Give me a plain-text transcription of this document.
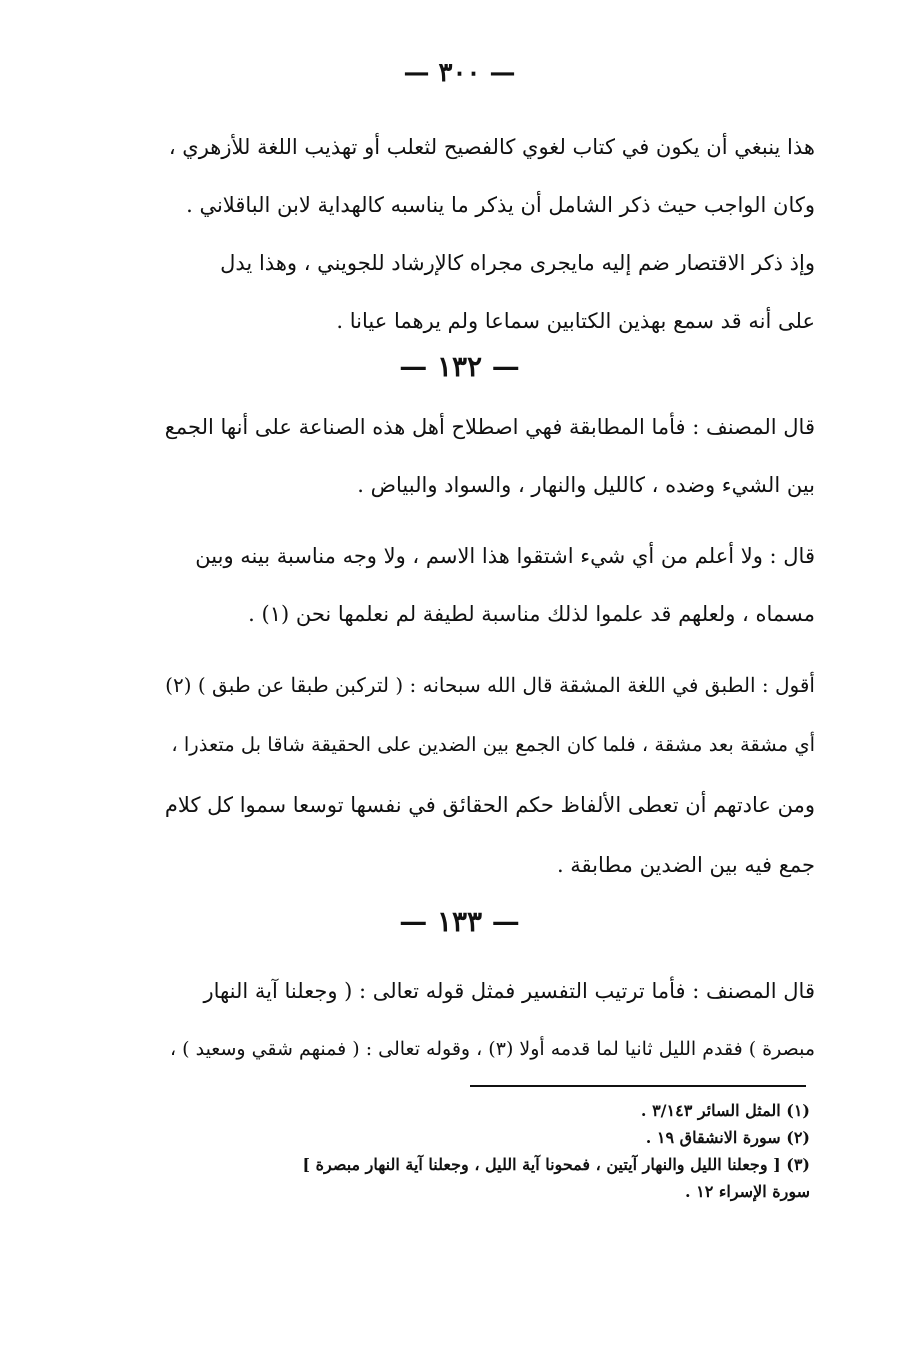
— ٣٠٠ —
هذا ينبغي أن يكون في كتاب لغوي كالفصيح لثعلب أو تهذيب اللغة للأزهري ،
وكان الواجب حيث ذكر الشامل أن يذكر ما يناسبه كالهداية لابن الباقلاني .
وإذ ذكر الاقتصار ضم إليه مايجرى مجراه كالإرشاد للجويني ، وهذا يدل
على أنه قد سمع بهذين الكتابين سماعا ولم يرهما عيانا .
— ١٣٢ —
قال المصنف : فأما المطابقة فهي اصطلاح أهل هذه الصناعة على أنها الجمع
بين الشيء وضده ، كالليل والنهار ، والسواد والبياض .
قال : ولا أعلم من أي شيء اشتقوا هذا الاسم ، ولا وجه مناسبة بينه وبين
مسماه ، ولعلهم قد علموا لذلك مناسبة لطيفة لم نعلمها نحن (١) .
أقول : الطبق في اللغة المشقة قال الله سبحانه : ( لتركبن طبقا عن طبق ) (٢)
أي مشقة بعد مشقة ، فلما كان الجمع بين الضدين على الحقيقة شاقا بل متعذرا ،
ومن عادتهم أن تعطى الألفاظ حكم الحقائق في نفسها توسعا سموا كل كلام
جمع فيه بين الضدين مطابقة .
— ١٣٣ —
قال المصنف : فأما ترتيب التفسير فمثل قوله تعالى : ( وجعلنا آية النهار
مبصرة ) فقدم الليل ثانيا لما قدمه أولا (٣) ، وقوله تعالى : ( فمنهم شقي وسعيد ) ،
(١) المثل السائر ٣/١٤٣ .
(٢) سورة الانشقاق ١٩ .
(٣) [ وجعلنا الليل والنهار آيتين ، فمحونا آية الليل ، وجعلنا آية النهار مبصرة ]
سورة الإسراء ١٢ .
